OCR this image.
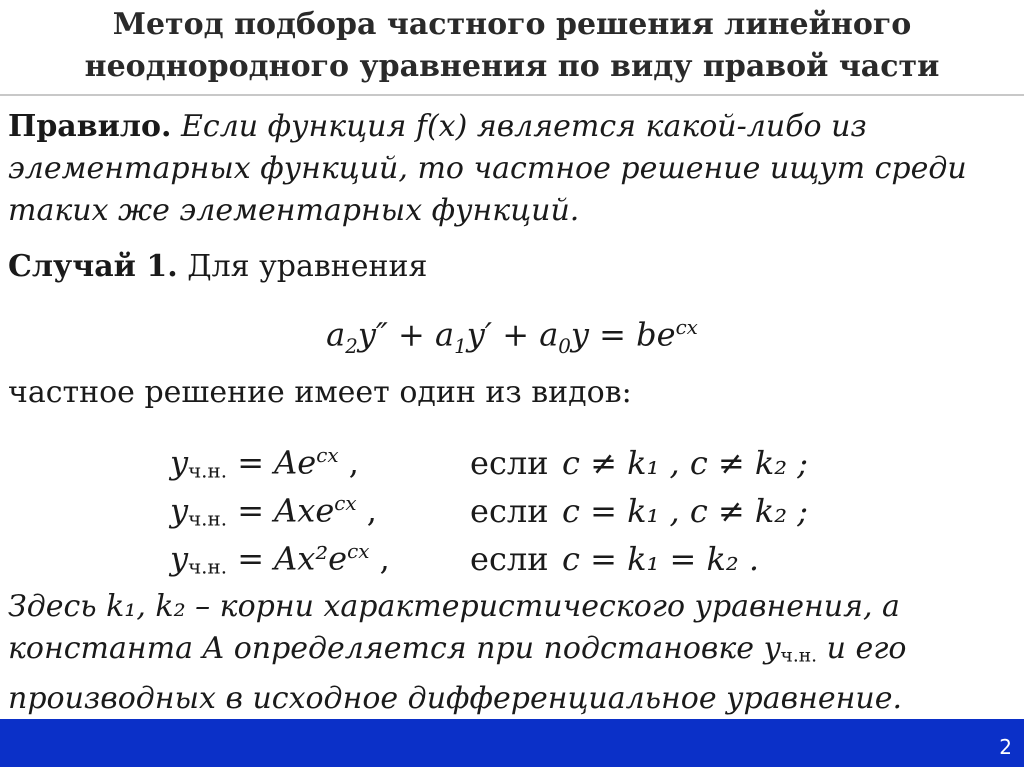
Метод подбора частного решения линейного
неоднородного уравнения по виду правой части
Правило. Если функция f(x) является какой-либо из элементарных функций, то частное решение ищут среди таких же элементарных функций.
Случай 1. Для уравнения
$a_2y'' + a_1y' + a_0y = be^{cx}$
частное решение имеет один из видов:
yч.н. = $Ae^{cx}$ ,	если c ≠ k₁ , c ≠ k₂ ;
yч.н. = Axe$^{cx}$ ,	если c = k₁ , c ≠ k₂ ;
yч.н. = $Ax^2e^{cx}$ ,	если c = k₁ = k₂ .
Здесь k₁, k₂ – корни характеристического уравнения, а константа A определяется при подстановке yч.н. и его производных в исходное дифференциальное уравнение.
2
